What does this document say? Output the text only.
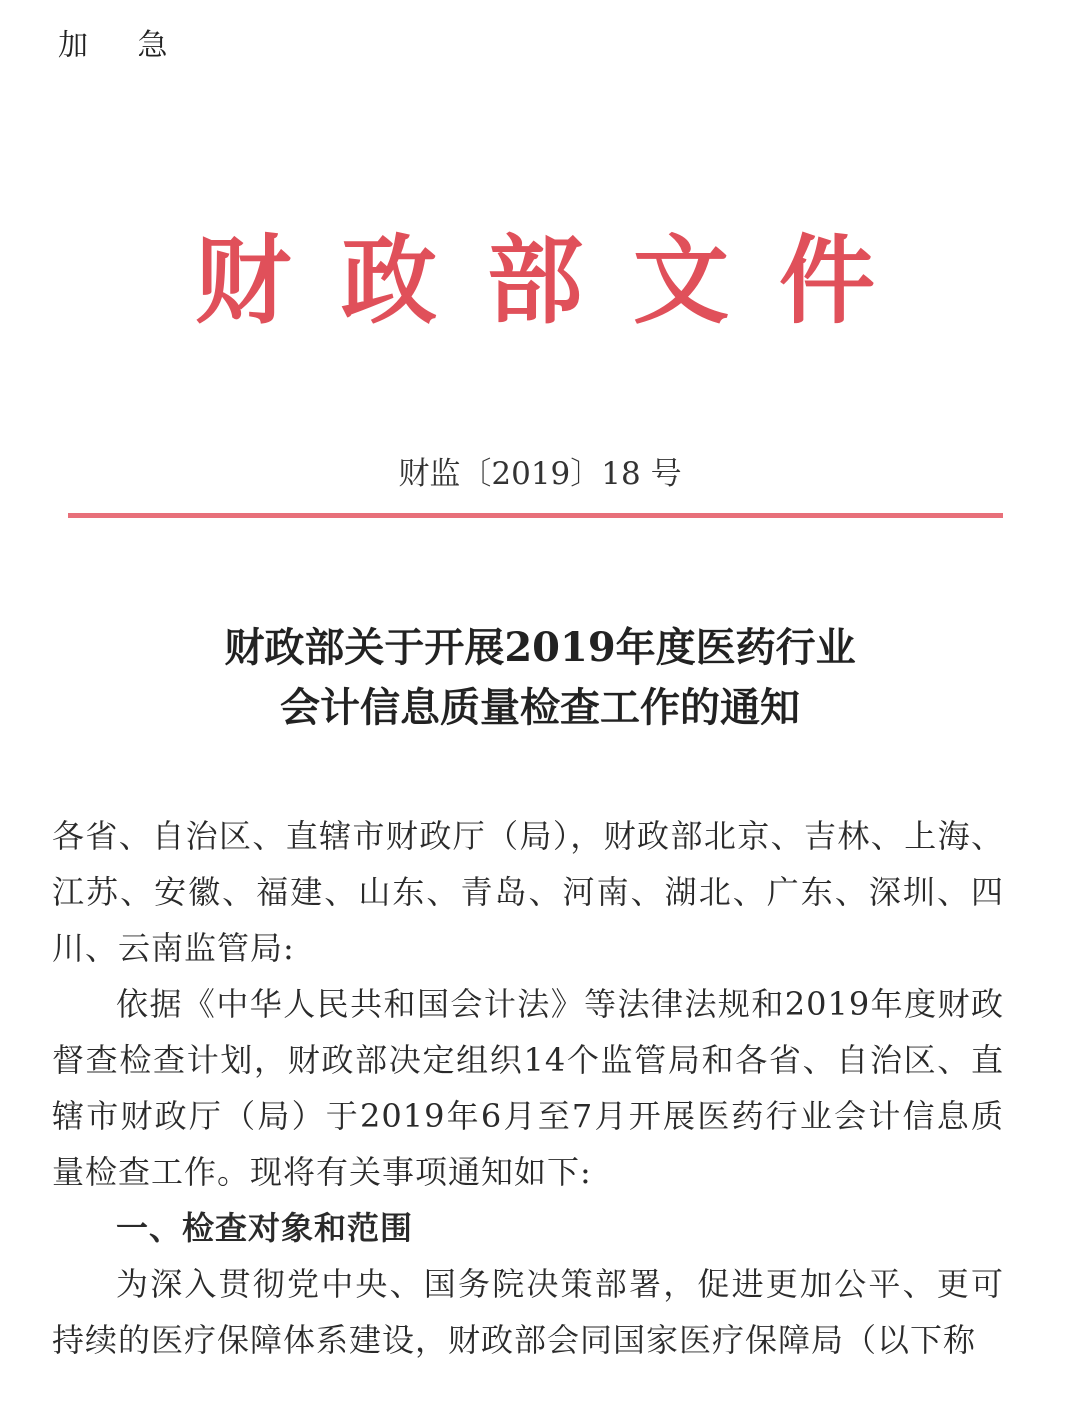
加 急
财政部文件
财监〔2019〕18 号
财政部关于开展2019年度医药行业
会计信息质量检查工作的通知

各省、自治区、直辖市财政厅（局），财政部北京、吉林、上海、江苏、安徽、福建、山东、青岛、河南、湖北、广东、深圳、四川、云南监管局:

依据《中华人民共和国会计法》等法律法规和2019年度财政督查检查计划，财政部决定组织14个监管局和各省、自治区、直辖市财政厅（局）于2019年6月至7月开展医药行业会计信息质量检查工作。现将有关事项通知如下:

一、检查对象和范围

为深入贯彻党中央、国务院决策部署，促进更加公平、更可持续的医疗保障体系建设，财政部会同国家医疗保障局（以下称
